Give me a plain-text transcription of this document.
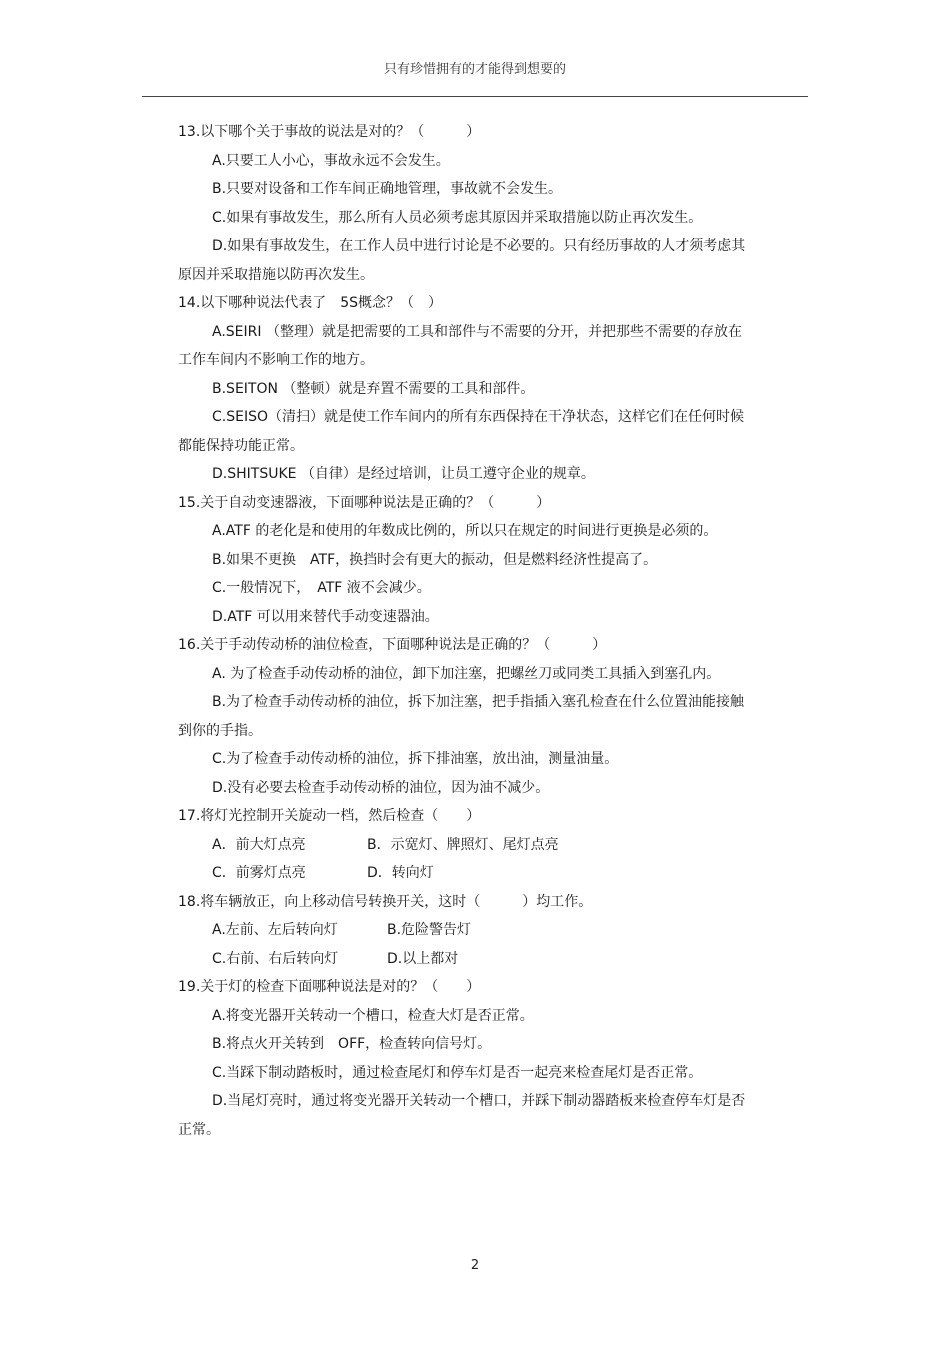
只有珍惜拥有的才能得到想要的

13.以下哪个关于事故的说法是对的？（　　　）

A.只要工人小心，事故永远不会发生。

B.只要对设备和工作车间正确地管理，事故就不会发生。

C.如果有事故发生，那么所有人员必须考虑其原因并采取措施以防止再次发生。

D.如果有事故发生，在工作人员中进行讨论是不必要的。只有经历事故的人才须考虑其原因并采取措施以防再次发生。

14.以下哪种说法代表了　5S概念？（　）

A.SEIRI （整理）就是把需要的工具和部件与不需要的分开，并把那些不需要的存放在工作车间内不影响工作的地方。

B.SEITON （整顿）就是弃置不需要的工具和部件。

C.SEISO（清扫）就是使工作车间内的所有东西保持在干净状态，这样它们在任何时候都能保持功能正常。

D.SHITSUKE （自律）是经过培训，让员工遵守企业的规章。

15.关于自动变速器液，下面哪种说法是正确的？（　　　）

A.ATF 的老化是和使用的年数成比例的，所以只在规定的时间进行更换是必须的。

B.如果不更换　ATF，换挡时会有更大的振动，但是燃料经济性提高了。

C.一般情况下，　ATF 液不会减少。

D.ATF 可以用来替代手动变速器油。

16.关于手动传动桥的油位检查，下面哪种说法是正确的？（　　　）

A. 为了检查手动传动桥的油位，卸下加注塞，把螺丝刀或同类工具插入到塞孔内。

B.为了检查手动传动桥的油位，拆下加注塞，把手指插入塞孔检查在什么位置油能接触到你的手指。

C.为了检查手动传动桥的油位，拆下排油塞，放出油，测量油量。

D.没有必要去检查手动传动桥的油位，因为油不减少。

17.将灯光控制开关旋动一档，然后检查（　　）

A．前大灯点亮	B．示宽灯、牌照灯、尾灯点亮
C．前雾灯点亮	D．转向灯

18.将车辆放正，向上移动信号转换开关，这时（　　　）均工作。

A.左前、左后转向灯	B.危险警告灯
C.右前、右后转向灯	D.以上都对

19.关于灯的检查下面哪种说法是对的？（　　）

A.将变光器开关转动一个槽口，检查大灯是否正常。

B.将点火开关转到　OFF，检查转向信号灯。

C.当踩下制动踏板时，通过检查尾灯和停车灯是否一起亮来检查尾灯是否正常。

D.当尾灯亮时，通过将变光器开关转动一个槽口，并踩下制动器踏板来检查停车灯是否正常。

2
